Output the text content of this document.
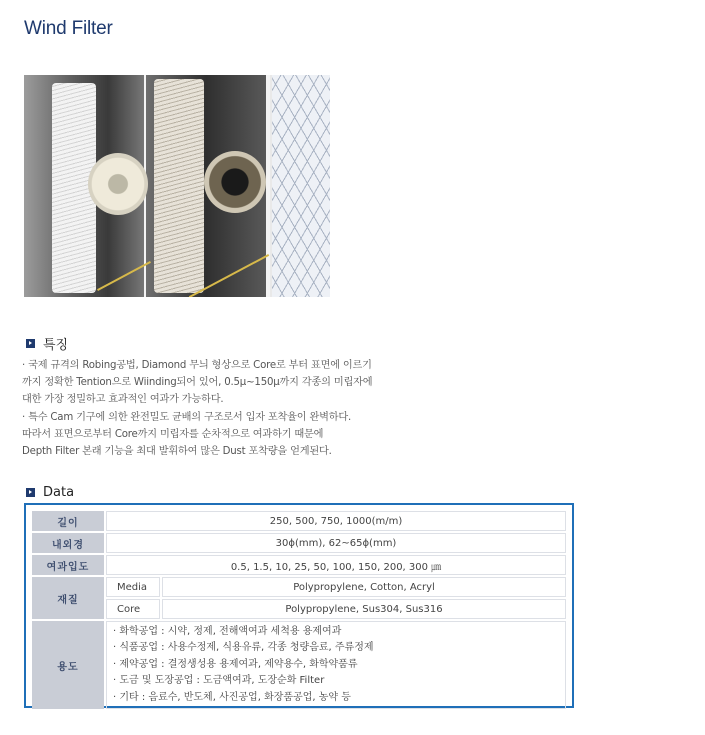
Wind Filter
특징
· 국제 규격의 Robing공법, Diamond 무늬 형상으로 Core로 부터 표면에 이르기
까지 정확한 Tention으로 Wiinding되어 있어, 0.5μ~150μ까지 각종의 미립자에
대한 가장 정밀하고 효과적인 여과가 가능하다.
· 특수 Cam 기구에 의한 완전밀도 균배의 구조로서 입자 포착율이 완벽하다.
따라서 표면으로부터 Core까지 미립자를 순차적으로 여과하기 때문에
Depth Filter 본래 기능을 최대 발휘하여 많은 Dust 포착량을 얻게된다.
Data
길이	250, 500, 750, 1000(m/m)	
내외경	30ϕ(mm), 62~65ϕ(mm)	
여과입도	0.5, 1.5, 10, 25, 50, 100, 150, 200, 300 ㎛	
재질	Media	Polypropylene, Cotton, Acryl
	Core	Polypropylene, Sus304, Sus316
용도	· 화학공업 : 시약, 정제, 전해액여과 세척용 용제여과
· 식품공업 : 사용수정제, 식용유류, 각종 청량음료, 주류정제
· 제약공업 : 결정생성용 용제여과, 제약용수, 화학약품류
· 도금 및 도장공업 : 도금액여과, 도장순화 Filter
· 기타 : 음료수, 반도체, 사진공업, 화장품공업, 농약 등	
